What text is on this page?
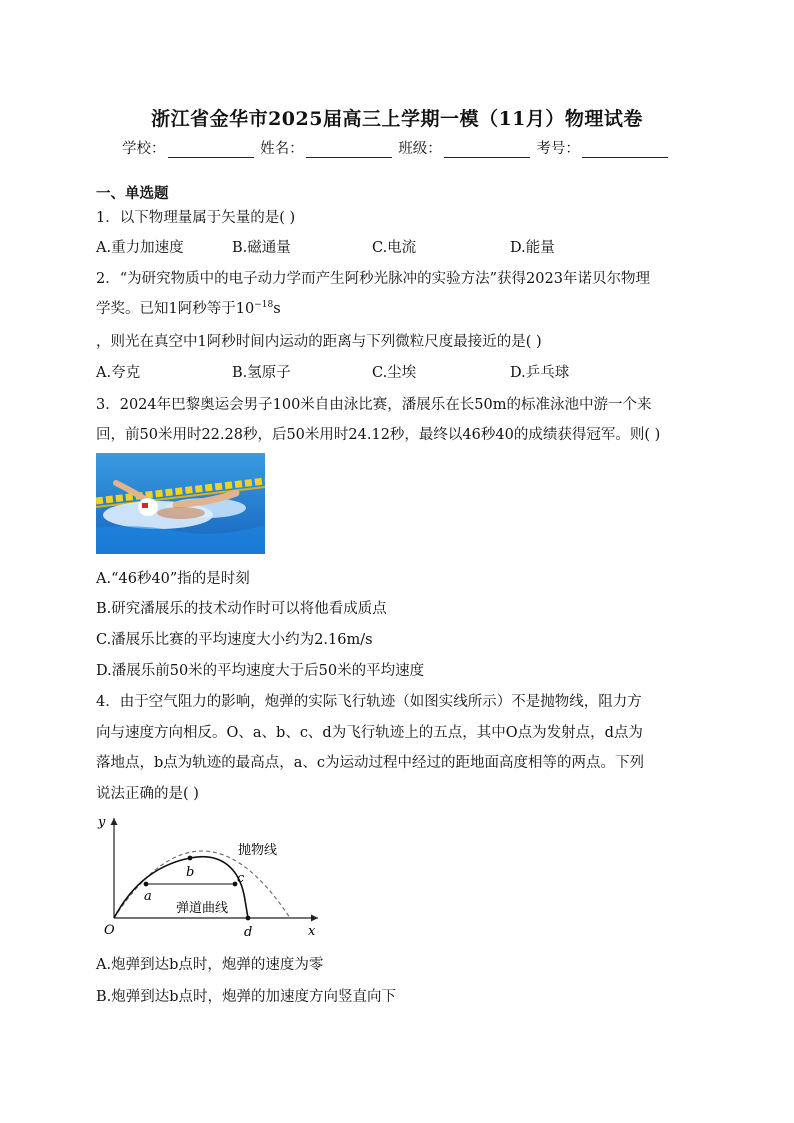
浙江省金华市2025届高三上学期一模（11月）物理试卷
学校：	姓名：	班级：	考号：
一、单选题
1．以下物理量属于矢量的是( )
A.重力加速度	B.磁通量	C.电流	D.能量
2．“为研究物质中的电子动力学而产生阿秒光脉冲的实验方法”获得2023年诺贝尔物理
学奖。已知1阿秒等于$10^{-18}s$
，则光在真空中1阿秒时间内运动的距离与下列微粒尺度最接近的是( )
A.夸克	B.氢原子	C.尘埃	D.乒乓球
3．2024年巴黎奥运会男子100米自由泳比赛，潘展乐在长50m的标准泳池中游一个来
回，前50米用时22.28秒，后50米用时24.12秒，最终以46秒40的成绩获得冠军。则( )
A.“46秒40”指的是时刻
B.研究潘展乐的技术动作时可以将他看成质点
C.潘展乐比赛的平均速度大小约为2.16m/s
D.潘展乐前50米的平均速度大于后50米的平均速度
4．由于空气阻力的影响，炮弹的实际飞行轨迹（如图实线所示）不是抛物线，阻力方
向与速度方向相反。O、a、b、c、d为飞行轨迹上的五点，其中O点为发射点，d点为
落地点，b点为轨迹的最高点，a、c为运动过程中经过的距地面高度相等的两点。下列
说法正确的是( )
y
x
O
a
b	c
d
抛物线
弹道曲线
A.炮弹到达b点时，炮弹的速度为零
B.炮弹到达b点时，炮弹的加速度方向竖直向下
